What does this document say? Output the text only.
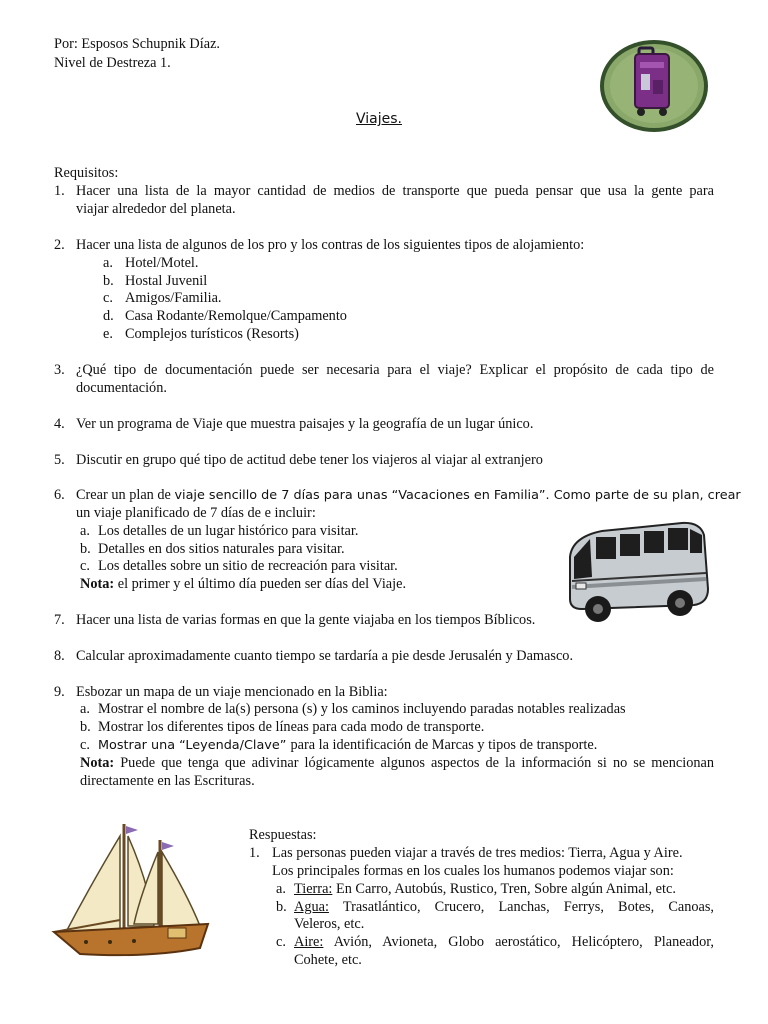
Por: Esposos Schupnik Díaz.
Nivel de Destreza 1.
Viajes.
Requisitos:
1. Hacer una lista de la mayor cantidad de medios de transporte que pueda pensar que usa la gente para
viajar alrededor del planeta.
2. Hacer una lista de algunos de los pro y los contras de los siguientes tipos de alojamiento:
a. Hotel/Motel.
b. Hostal Juvenil
c. Amigos/Familia.
d. Casa Rodante/Remolque/Campamento
e. Complejos turísticos (Resorts)
3. ¿Qué tipo de documentación puede ser necesaria para el viaje? Explicar el propósito de cada tipo de
documentación.
4. Ver un programa de Viaje que muestra paisajes y la geografía de un lugar único.
5. Discutir en grupo qué tipo de actitud debe tener los viajeros al viajar al extranjero
6. Crear un plan de viaje sencillo de 7 días para unas “Vacaciones en Familia”. Como parte de su plan, crear
un viaje planificado de 7 días de e incluir:
a. Los detalles de un lugar histórico para visitar.
b. Detalles en dos sitios naturales para visitar.
c. Los detalles sobre un sitio de recreación para visitar.
Nota: el primer y el último día pueden ser días del Viaje.
7. Hacer una lista de varias formas en que la gente viajaba en los tiempos Bíblicos.
8. Calcular aproximadamente cuanto tiempo se tardaría a pie desde Jerusalén y Damasco.
9. Esbozar un mapa de un viaje mencionado en la Biblia:
a. Mostrar el nombre de la(s) persona (s) y los caminos incluyendo paradas notables realizadas
b. Mostrar los diferentes tipos de líneas para cada modo de transporte.
c. Mostrar una “Leyenda/Clave” para la identificación de Marcas y tipos de transporte.
Nota: Puede que tenga que adivinar lógicamente algunos aspectos de la información si no se mencionan
directamente en las Escrituras.
Respuestas:
1. Las personas pueden viajar a través de tres medios: Tierra, Agua y Aire.
Los principales formas en los cuales los humanos podemos viajar son:
a. Tierra: En Carro, Autobús, Rustico, Tren, Sobre algún Animal, etc.
b. Agua: Trasatlántico, Crucero, Lanchas, Ferrys, Botes, Canoas,
Veleros, etc.
c. Aire: Avión, Avioneta, Globo aerostático, Helicóptero, Planeador,
Cohete, etc.
